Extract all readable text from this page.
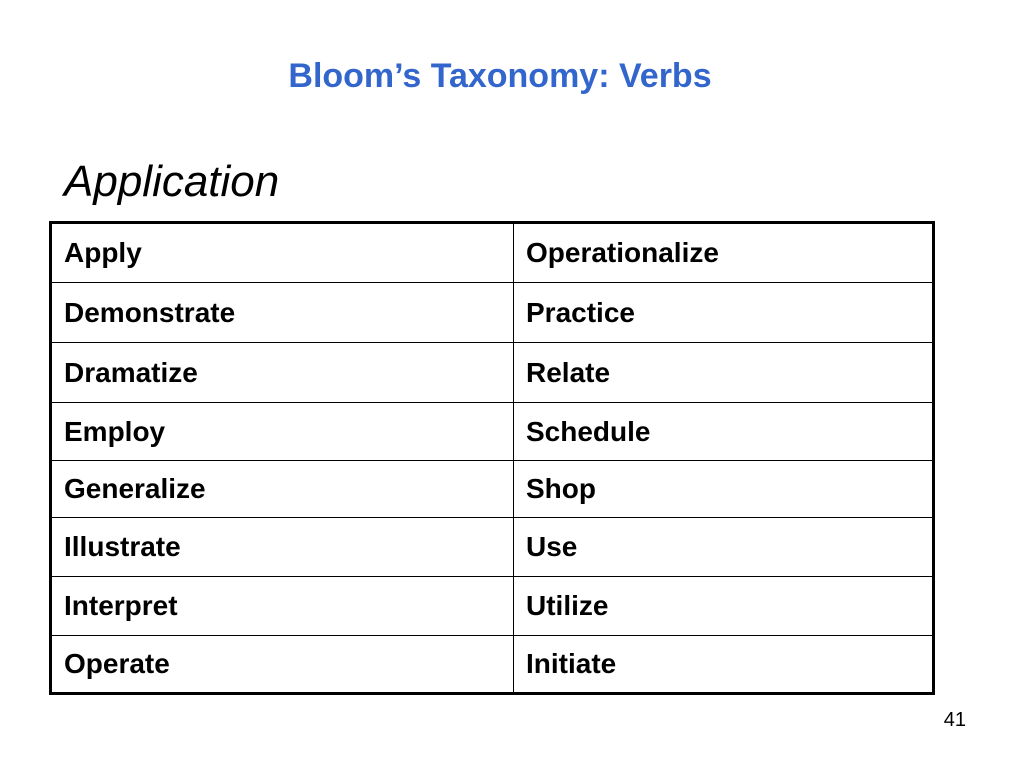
Bloom’s Taxonomy: Verbs
Application
Apply	Operationalize
Demonstrate	Practice
Dramatize	Relate
Employ	Schedule
Generalize	Shop
Illustrate	Use
Interpret	Utilize
Operate	Initiate
41
